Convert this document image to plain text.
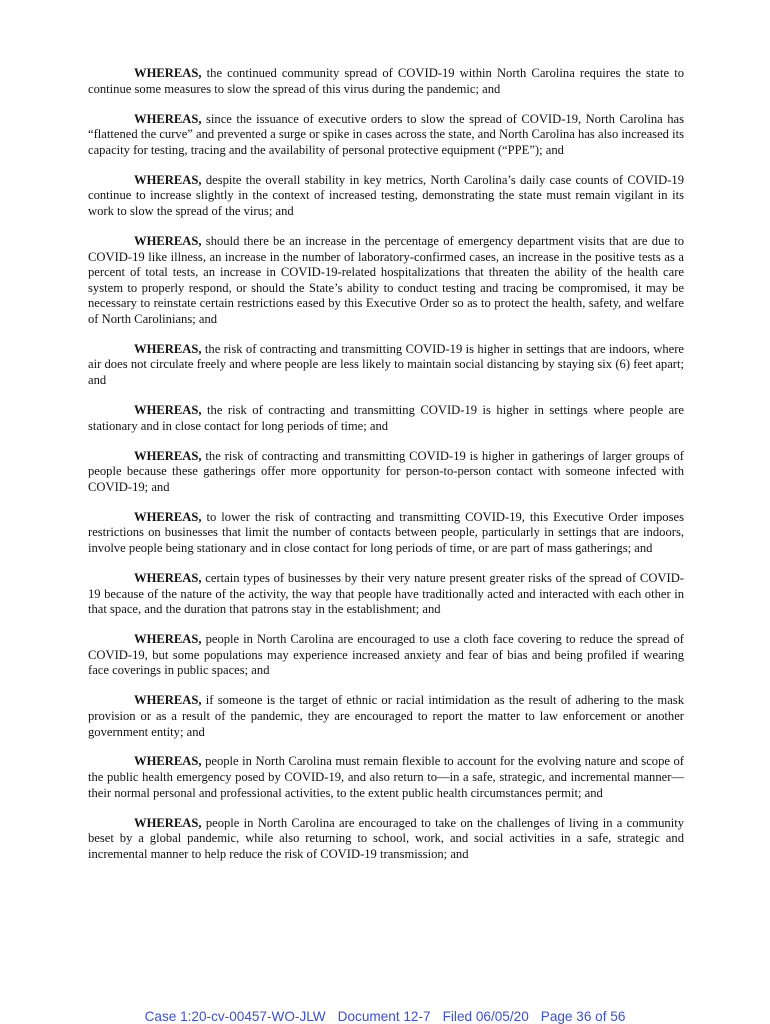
WHEREAS, the continued community spread of COVID-19 within North Carolina requires the state to continue some measures to slow the spread of this virus during the pandemic; and

WHEREAS, since the issuance of executive orders to slow the spread of COVID-19, North Carolina has “flattened the curve” and prevented a surge or spike in cases across the state, and North Carolina has also increased its capacity for testing, tracing and the availability of personal protective equipment (“PPE”); and

WHEREAS, despite the overall stability in key metrics, North Carolina’s daily case counts of COVID-19 continue to increase slightly in the context of increased testing, demonstrating the state must remain vigilant in its work to slow the spread of the virus; and

WHEREAS, should there be an increase in the percentage of emergency department visits that are due to COVID-19 like illness, an increase in the number of laboratory-confirmed cases, an increase in the positive tests as a percent of total tests, an increase in COVID-19-related hospitalizations that threaten the ability of the health care system to properly respond, or should the State’s ability to conduct testing and tracing be compromised, it may be necessary to reinstate certain restrictions eased by this Executive Order so as to protect the health, safety, and welfare of North Carolinians; and

WHEREAS, the risk of contracting and transmitting COVID-19 is higher in settings that are indoors, where air does not circulate freely and where people are less likely to maintain social distancing by staying six (6) feet apart; and

WHEREAS, the risk of contracting and transmitting COVID-19 is higher in settings where people are stationary and in close contact for long periods of time; and

WHEREAS, the risk of contracting and transmitting COVID-19 is higher in gatherings of larger groups of people because these gatherings offer more opportunity for person-to-person contact with someone infected with COVID-19; and

WHEREAS, to lower the risk of contracting and transmitting COVID-19, this Executive Order imposes restrictions on businesses that limit the number of contacts between people, particularly in settings that are indoors, involve people being stationary and in close contact for long periods of time, or are part of mass gatherings; and

WHEREAS, certain types of businesses by their very nature present greater risks of the spread of COVID-19 because of the nature of the activity, the way that people have traditionally acted and interacted with each other in that space, and the duration that patrons stay in the establishment; and

WHEREAS, people in North Carolina are encouraged to use a cloth face covering to reduce the spread of COVID-19, but some populations may experience increased anxiety and fear of bias and being profiled if wearing face coverings in public spaces; and

WHEREAS, if someone is the target of ethnic or racial intimidation as the result of adhering to the mask provision or as a result of the pandemic, they are encouraged to report the matter to law enforcement or another government entity; and

WHEREAS, people in North Carolina must remain flexible to account for the evolving nature and scope of the public health emergency posed by COVID-19, and also return to—in a safe, strategic, and incremental manner—their normal personal and professional activities, to the extent public health circumstances permit; and

WHEREAS, people in North Carolina are encouraged to take on the challenges of living in a community beset by a global pandemic, while also returning to school, work, and social activities in a safe, strategic and incremental manner to help reduce the risk of COVID-19 transmission; and

Case 1:20-cv-00457-WO-JLW Document 12-7 Filed 06/05/20 Page 36 of 56
